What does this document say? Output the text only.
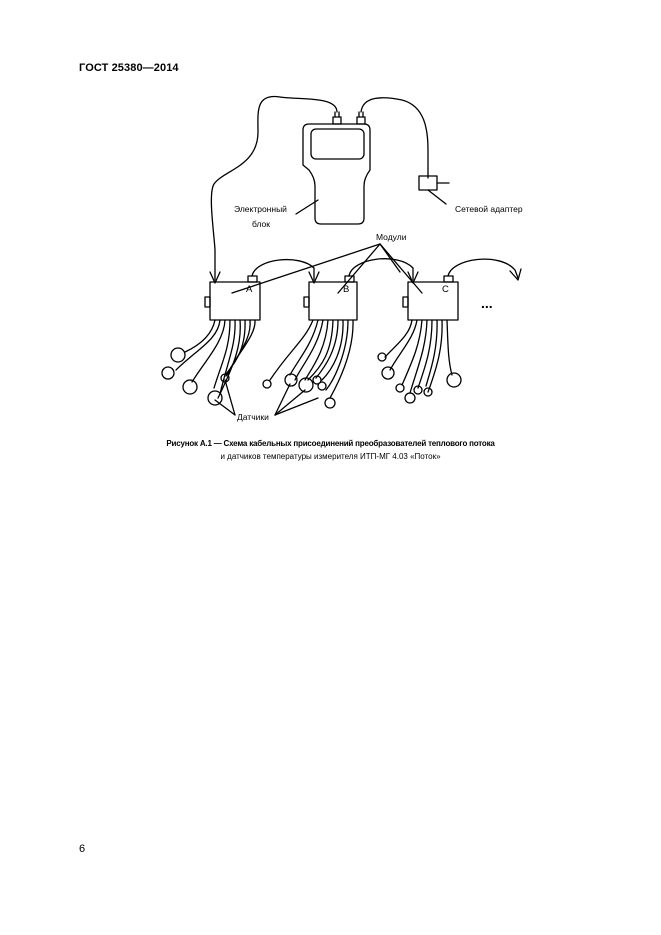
ГОСТ 25380—2014
Электронный
блок
Сетевой адаптер
Модули
Датчики
А	В	С
...
Рисунок А.1 — Схема кабельных присоединений преобразователей теплового потока
и датчиков температуры измерителя ИТП-МГ 4.03 «Поток»
6
